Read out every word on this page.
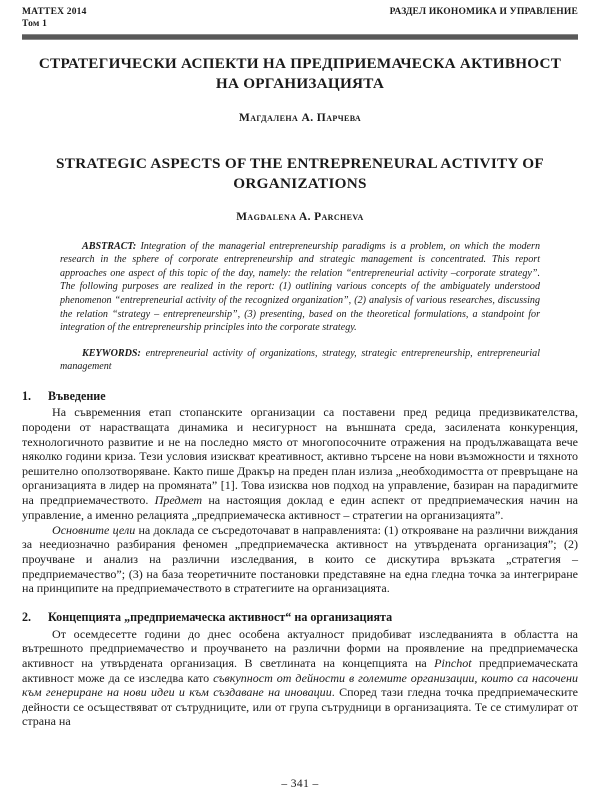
MATTEX 2014
Том 1
РАЗДЕЛ ИКОНОМИКА И УПРАВЛЕНИЕ
СТРАТЕГИЧЕСКИ АСПЕКТИ НА ПРЕДПРИЕМАЧЕСКА АКТИВНОСТ НА ОРГАНИЗАЦИЯТА
Магдалена А. Парчева
STRATEGIC ASPECTS OF THE ENTREPRENEURAL ACTIVITY OF ORGANIZATIONS
Magdalena A. Parcheva
ABSTRACT: Integration of the managerial entrepreneurship paradigms is a problem, on which the modern research in the sphere of corporate entrepreneurship and strategic management is concentrated. This report approaches one aspect of this topic of the day, namely: the relation “entrepreneurial activity –corporate strategy”. The following purposes are realized in the report: (1) outlining various concepts of the ambiguately understood phenomenon “entrepreneurial activity of the recognized organization”, (2) analysis of various researches, discussing the relation “strategy – entrepreneurship”, (3) presenting, based on the theoretical formulations, a standpoint for integration of the entrepreneurship principles into the corporate strategy.
KEYWORDS: entrepreneurial activity of organizations, strategy, strategic entrepreneurship, entrepreneurial management
1. Въведение

На съвременния етап стопанските организации са поставени пред редица предизвикателства, породени от нарастващата динамика и несигурност на външната среда, засилената конкуренция, технологичното развитие и не на последно място от многопосочните отражения на продължаващата вече няколко години криза. Тези условия изискват креативност, активно търсене на нови възможности и тяхното решително оползотворяване. Както пише Дракър на преден план излиза „необходимостта от превръщане на организацията в лидер на промяната” [1]. Това изисква нов подход на управление, базиран на парадигмите на предприемачеството. Предмет на настоящия доклад е един аспект от предприемаческия начин на управление, а именно релацията „предприемаческа активност – стратегии на организацията”.

Основните цели на доклада се съсредоточават в направленията: (1) открояване на различни виждания за неедиозначно разбирания феномен „предприемаческа активност на утвърдената организация”; (2) проучване и анализ на различни изследвания, в които се дискутира връзката „стратегия – предприемачество”; (3) на база теоретичните постановки представяне на една гледна точка за интегриране на принципите на предприемачеството в стратегиите на организацията.

2. Концепцията „предприемаческа активност“ на организацията

От осемдесетте години до днес особена актуалност придобиват изследванията в областта на вътрешното предприемачество и проучването на различни форми на проявление на предприемаческа активност на утвърдената организация. В светлината на концепцията на Pinchot предприемаческата активност може да се изследва като съвкупност от дейности в големите организации, които са насочени към генериране на нови идеи и към създаване на иновации. Според тази гледна точка предприемаческите дейности се осъществяват от сътрудниците, или от група сътрудници в организацията. Те се стимулират от страна на

– 341 –
